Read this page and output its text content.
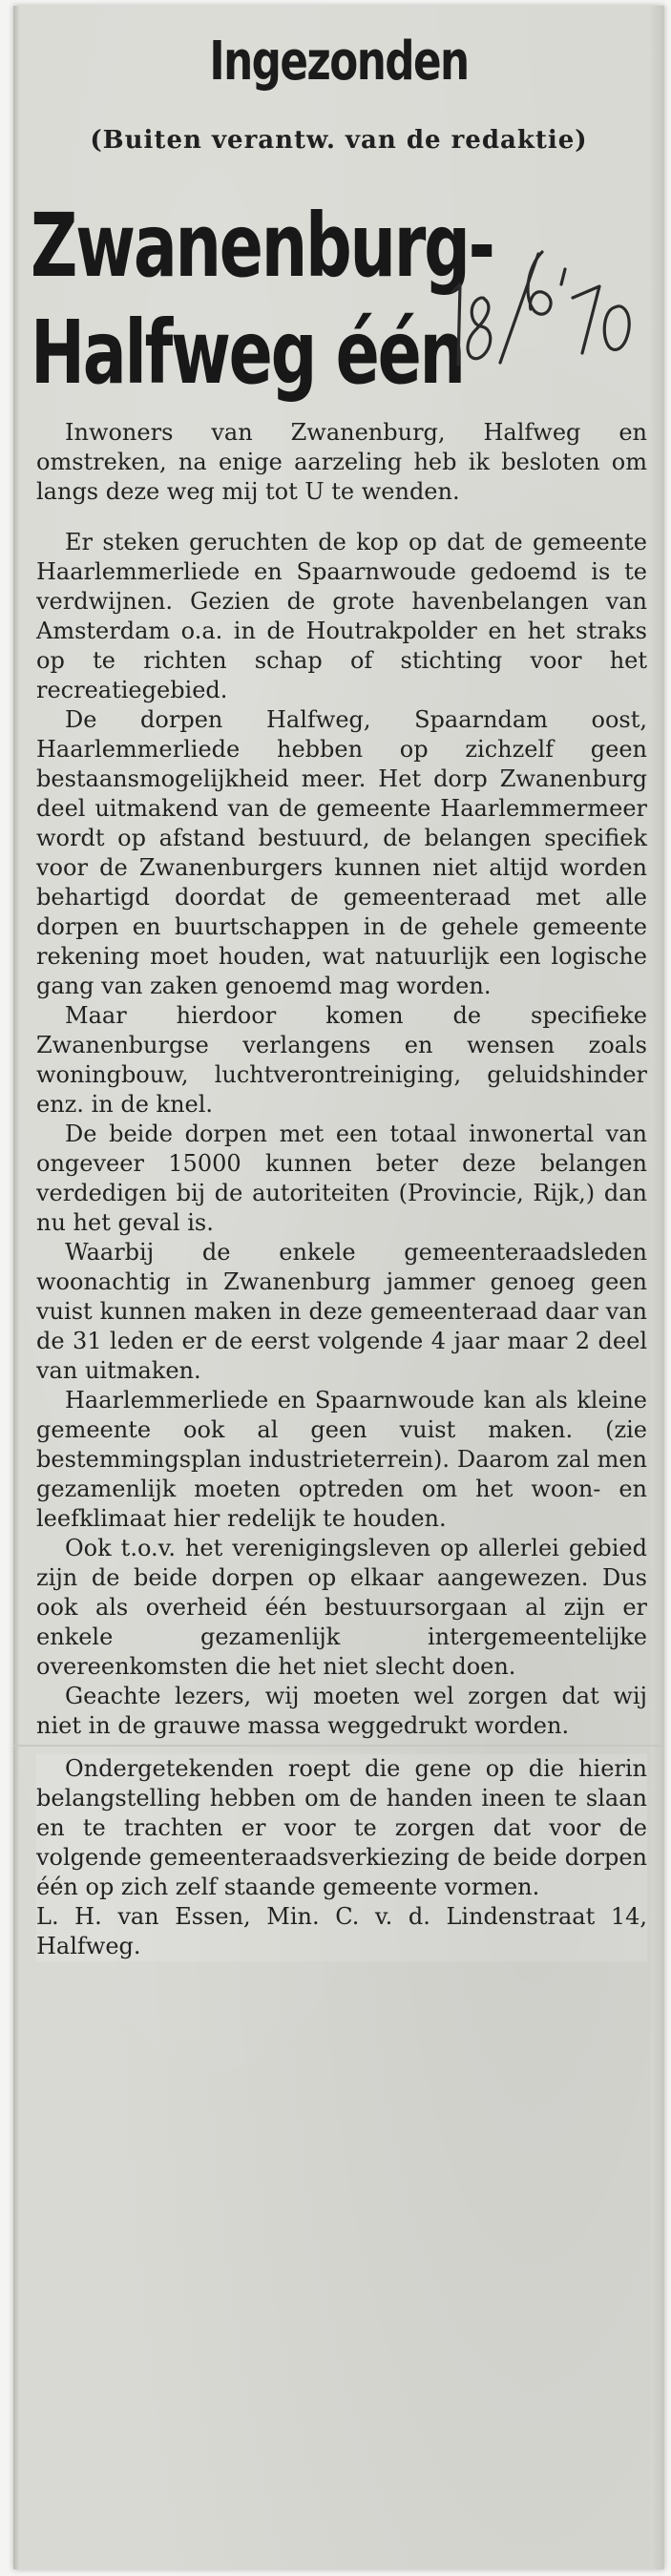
Ingezonden
(Buiten verantw. van de redaktie)
Zwanenburg-
Halfweg één

Inwoners van Zwanenburg, Halfweg en omstreken, na enige aarzeling heb ik besloten om langs deze weg mij tot U te wenden.

Er steken geruchten de kop op dat de gemeente Haarlemmerliede en Spaarnwoude gedoemd is te verdwijnen. Gezien de grote havenbelangen van Amsterdam o.a. in de Houtrakpolder en het straks op te richten schap of stichting voor het recreatiegebied.

De dorpen Halfweg, Spaarndam oost, Haarlemmerliede hebben op zichzelf geen bestaansmogelijkheid meer. Het dorp Zwanenburg deel uitmakend van de gemeente Haarlemmermeer wordt op afstand bestuurd, de belangen specifiek voor de Zwanenburgers kunnen niet altijd worden behartigd doordat de gemeenteraad met alle dorpen en buurtschappen in de gehele gemeente rekening moet houden, wat natuurlijk een logische gang van zaken genoemd mag worden.

Maar hierdoor komen de specifieke Zwanenburgse verlangens en wensen zoals woningbouw, luchtverontreiniging, geluidshinder enz. in de knel.

De beide dorpen met een totaal inwonertal van ongeveer 15000 kunnen beter deze belangen verdedigen bij de autoriteiten (Provincie, Rijk,) dan nu het geval is.

Waarbij de enkele gemeenteraadsleden woonachtig in Zwanenburg jammer genoeg geen vuist kunnen maken in deze gemeenteraad daar van de 31 leden er de eerst volgende 4 jaar maar 2 deel van uitmaken.

Haarlemmerliede en Spaarnwoude kan als kleine gemeente ook al geen vuist maken. (zie bestemmingsplan industrieterrein). Daarom zal men gezamenlijk moeten optreden om het woon- en leefklimaat hier redelijk te houden.

Ook t.o.v. het verenigingsleven op allerlei gebied zijn de beide dorpen op elkaar aangewezen. Dus ook als overheid één bestuursorgaan al zijn er enkele gezamenlijk intergemeentelijke overeenkomsten die het niet slecht doen.

Geachte lezers, wij moeten wel zorgen dat wij niet in de grauwe massa weggedrukt worden.

Ondergetekenden roept die gene op die hierin belangstelling hebben om de handen ineen te slaan en te trachten er voor te zorgen dat voor de volgende gemeenteraadsverkiezing de beide dorpen één op zich zelf staande gemeente vormen.

L. H. van Essen, Min. C. v. d. Lindenstraat 14, Halfweg.
